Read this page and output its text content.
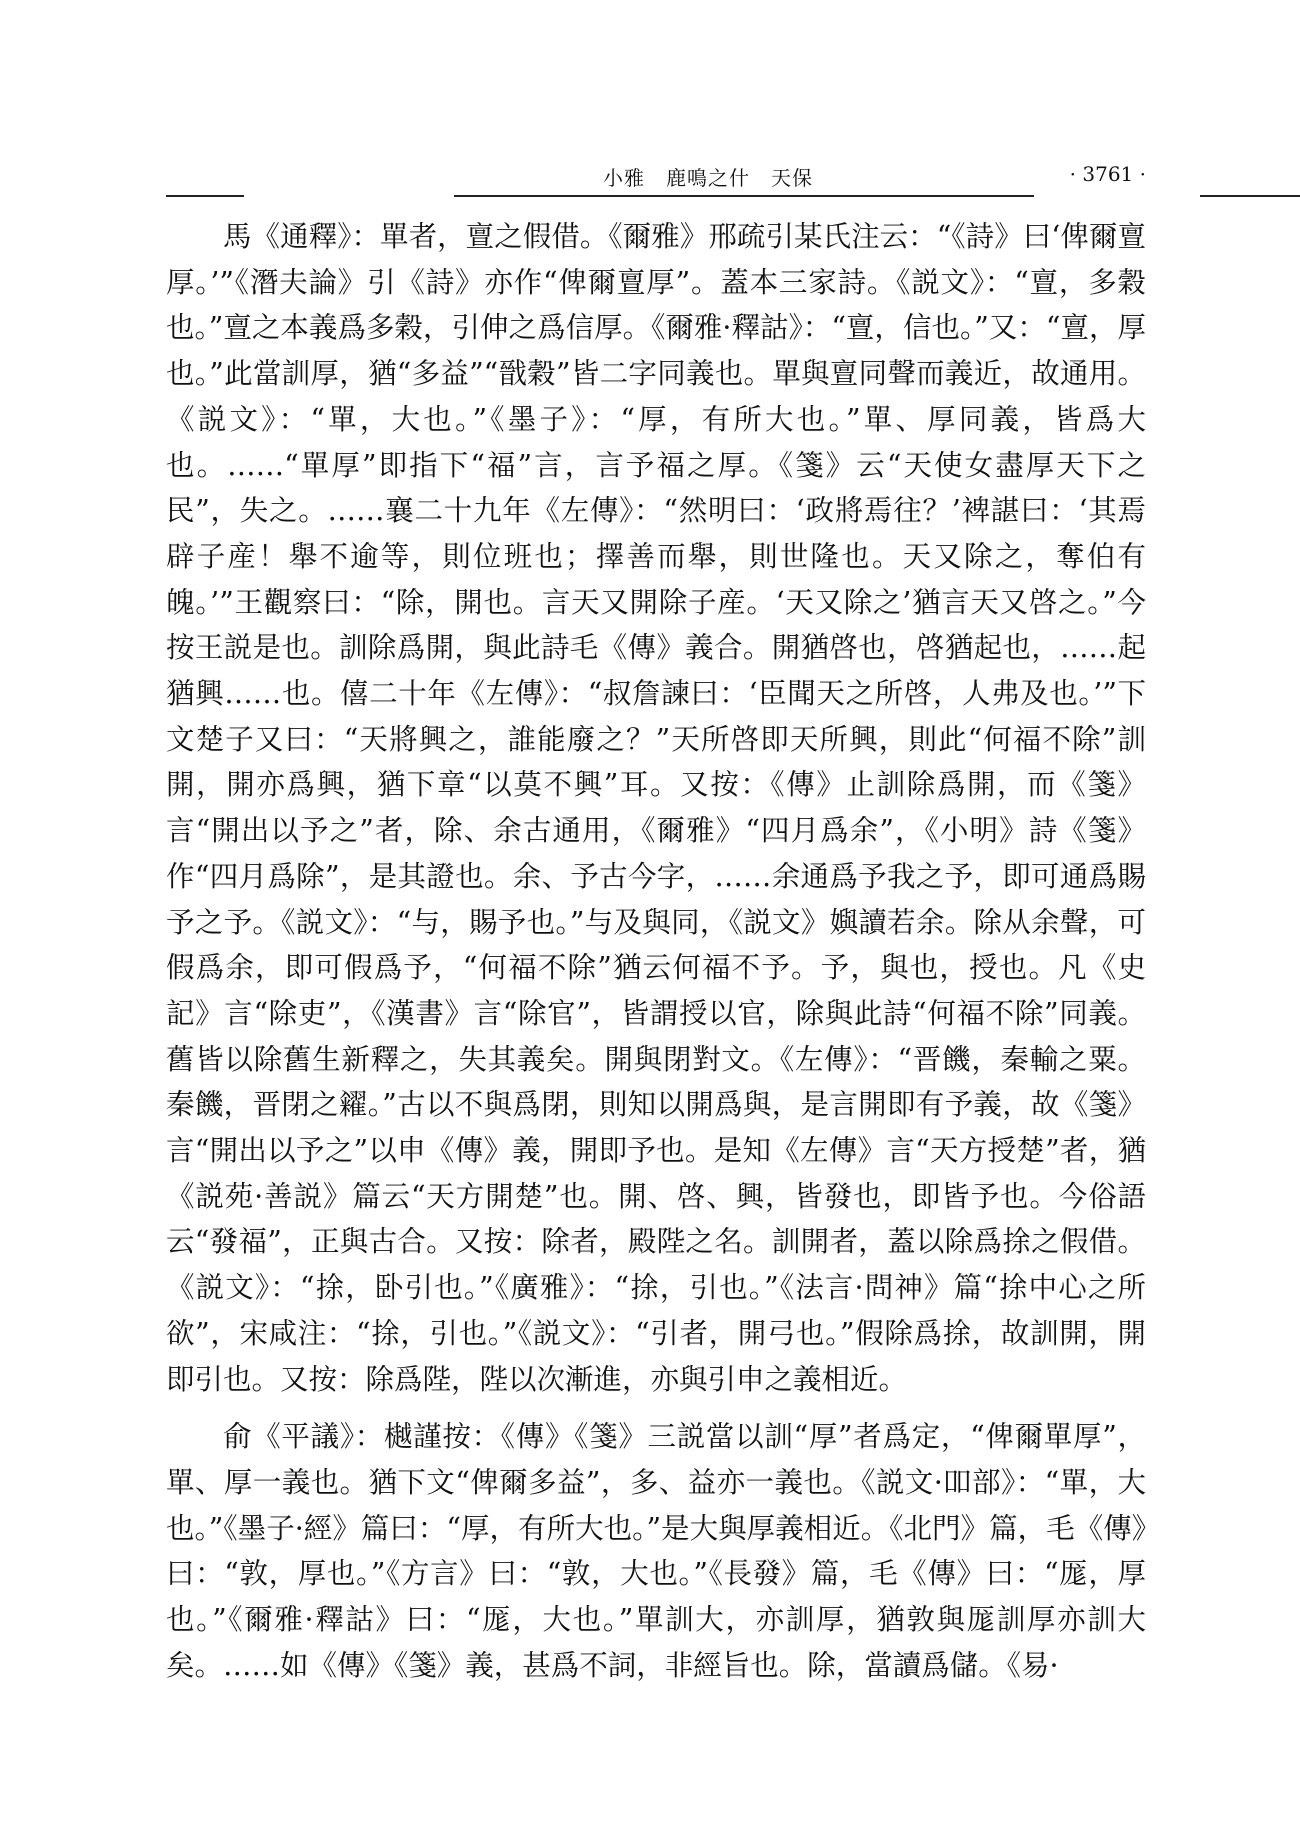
小雅　鹿鳴之什　天保	· 3761 ·

馬《通釋》：單者，亶之假借。《爾雅》邢疏引某氏注云：“《詩》曰‘俾爾亶厚。’”《潛夫論》引《詩》亦作“俾爾亶厚”。蓋本三家詩。《説文》：“亶，多穀也。”亶之本義爲多穀，引伸之爲信厚。《爾雅·釋詁》：“亶，信也。”又：“亶，厚也。”此當訓厚，猶“多益”“戩穀”皆二字同義也。單與亶同聲而義近，故通用。《説文》：“單，大也。”《墨子》：“厚，有所大也。”單、厚同義，皆爲大也。……“單厚”即指下“福”言，言予福之厚。《箋》云“天使女盡厚天下之民”，失之。……襄二十九年《左傳》：“然明曰：‘政將焉往？’裨諶曰：‘其焉辟子産！舉不逾等，則位班也；擇善而舉，則世隆也。天又除之，奪伯有魄。’”王觀察曰：“除，開也。言天又開除子産。‘天又除之’猶言天又啓之。”今按王説是也。訓除爲開，與此詩毛《傳》義合。開猶啓也，啓猶起也，……起猶興……也。僖二十年《左傳》：“叔詹諫曰：‘臣聞天之所啓，人弗及也。’”下文楚子又曰：“天將興之，誰能廢之？”天所啓即天所興，則此“何福不除”訓開，開亦爲興，猶下章“以莫不興”耳。又按：《傳》止訓除爲開，而《箋》言“開出以予之”者，除、余古通用，《爾雅》“四月爲余”，《小明》詩《箋》作“四月爲除”，是其證也。余、予古今字，……余通爲予我之予，即可通爲賜予之予。《説文》：“与，賜予也。”与及與同，《説文》嬩讀若余。除从余聲，可假爲余，即可假爲予，“何福不除”猶云何福不予。予，與也，授也。凡《史記》言“除吏”，《漢書》言“除官”，皆謂授以官，除與此詩“何福不除”同義。舊皆以除舊生新釋之，失其義矣。開與閉對文。《左傳》：“晋饑，秦輸之粟。秦饑，晋閉之糴。”古以不與爲閉，則知以開爲與，是言開即有予義，故《箋》言“開出以予之”以申《傳》義，開即予也。是知《左傳》言“天方授楚”者，猶《説苑·善説》篇云“天方開楚”也。開、啓、興，皆發也，即皆予也。今俗語云“發福”，正與古合。又按：除者，殿陛之名。訓開者，蓋以除爲捈之假借。《説文》：“捈，卧引也。”《廣雅》：“捈，引也。”《法言·問神》篇“捈中心之所欲”，宋咸注：“捈，引也。”《説文》：“引者，開弓也。”假除爲捈，故訓開，開即引也。又按：除爲陛，陛以次漸進，亦與引申之義相近。

俞《平議》：樾謹按：《傳》《箋》三説當以訓“厚”者爲定，“俾爾單厚”，單、厚一義也。猶下文“俾爾多益”，多、益亦一義也。《説文·吅部》：“單，大也。”《墨子·經》篇曰：“厚，有所大也。”是大與厚義相近。《北門》篇，毛《傳》曰：“敦，厚也。”《方言》曰：“敦，大也。”《長發》篇，毛《傳》曰：“厖，厚也。”《爾雅·釋詁》曰：“厖，大也。”單訓大，亦訓厚，猶敦與厖訓厚亦訓大矣。……如《傳》《箋》義，甚爲不詞，非經旨也。除，當讀爲儲。《易·
